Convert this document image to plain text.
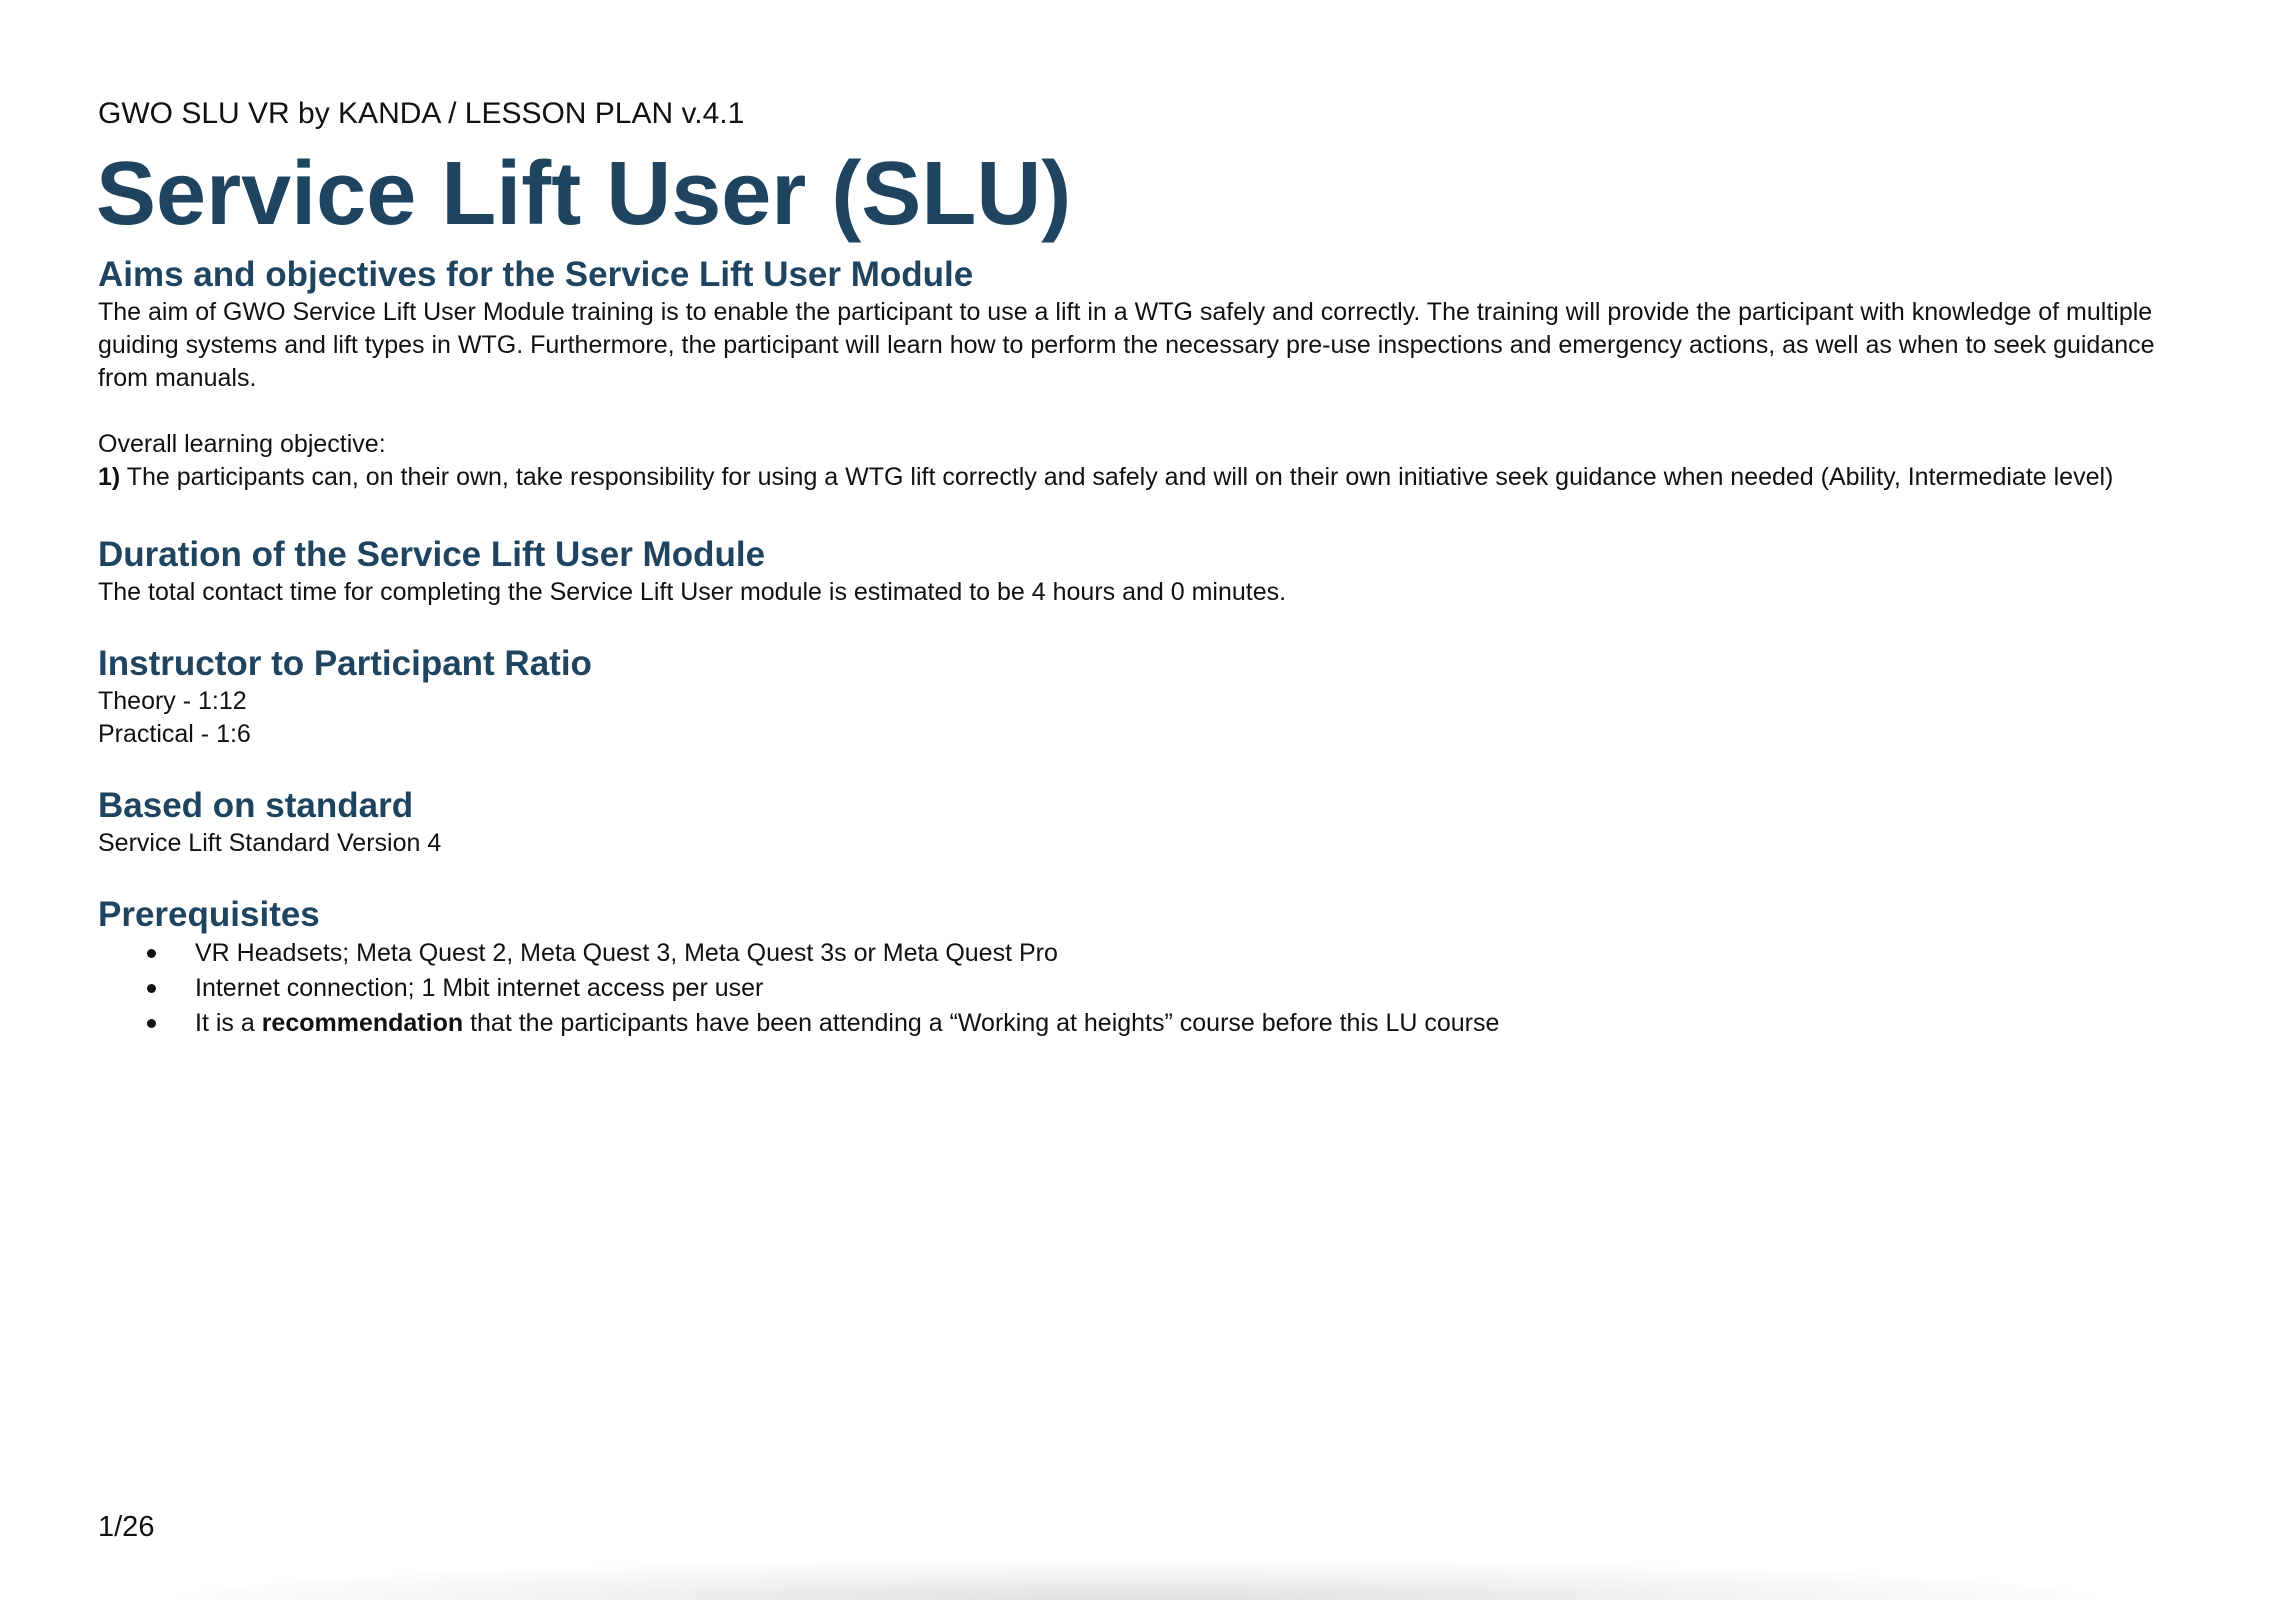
GWO SLU VR by KANDA / LESSON PLAN v.4.1
Service Lift User (SLU)
Aims and objectives for the Service Lift User Module

The aim of GWO Service Lift User Module training is to enable the participant to use a lift in a WTG safely and correctly. The training will provide the participant with knowledge of multiple guiding systems and lift types in WTG. Furthermore, the participant will learn how to perform the necessary pre-use inspections and emergency actions, as well as when to seek guidance from manuals.

Overall learning objective:

1) The participants can, on their own, take responsibility for using a WTG lift correctly and safely and will on their own initiative seek guidance when needed (Ability, Intermediate level)

Duration of the Service Lift User Module

The total contact time for completing the Service Lift User module is estimated to be 4 hours and 0 minutes.

Instructor to Participant Ratio

Theory - 1:12

Practical - 1:6

Based on standard

Service Lift Standard Version 4

Prerequisites
VR Headsets; Meta Quest 2, Meta Quest 3, Meta Quest 3s or Meta Quest Pro
Internet connection; 1 Mbit internet access per user
It is a recommendation that the participants have been attending a “Working at heights” course before this LU course
1/26
